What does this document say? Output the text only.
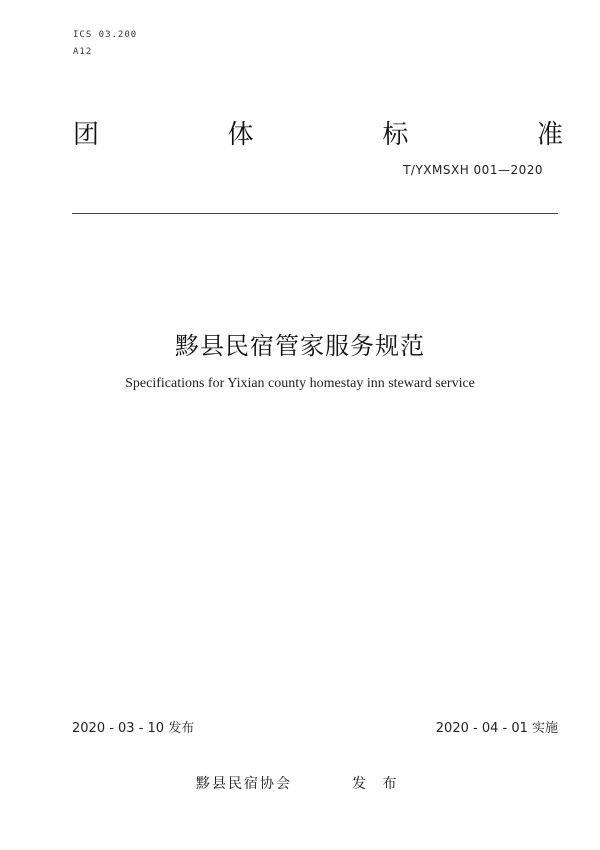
ICS 03.200
A12
团	体	标	准
T/YXMSXH 001—2020
黟县民宿管家服务规范
Specifications for Yixian county homestay inn steward service
2020 - 03 - 10 发布	2020 - 04 - 01 实施
黟县民宿协会	发 布
